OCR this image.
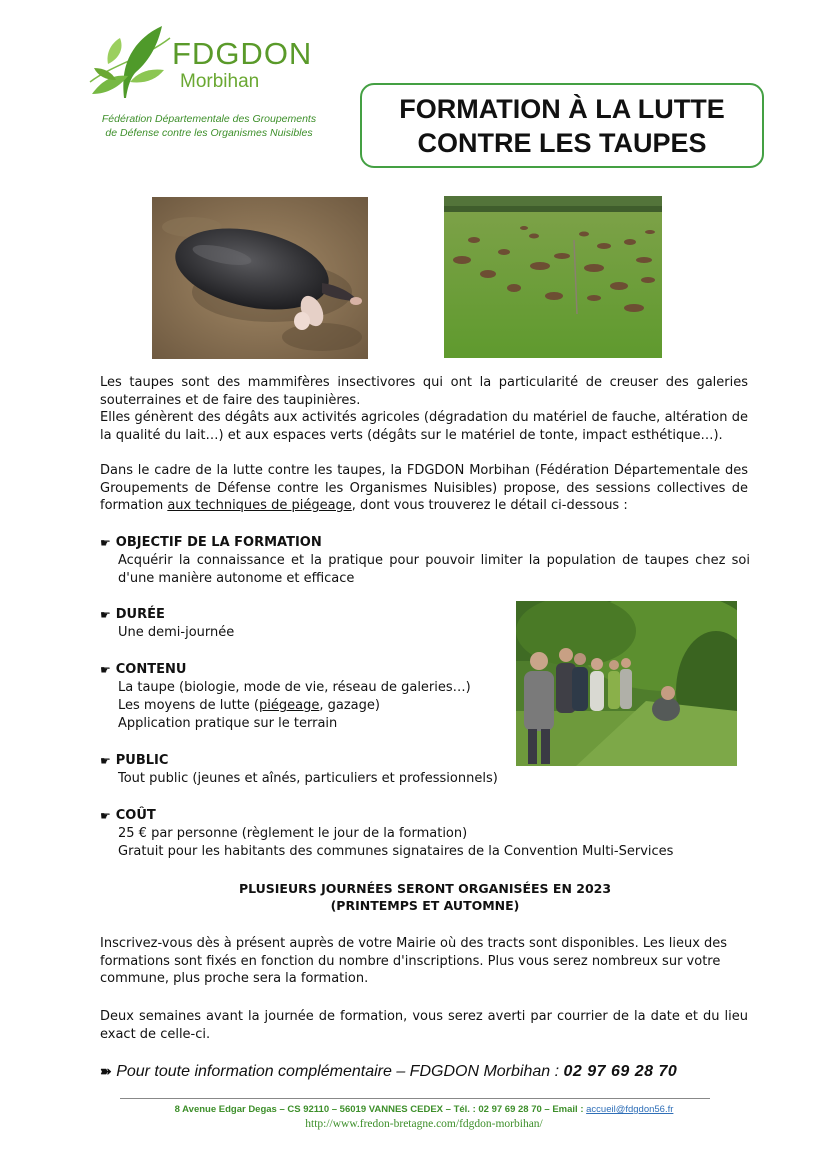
FDGDON
Morbihan
Fédération Départementale des Groupements
de Défense contre les Organismes Nuisibles
FORMATION À LA LUTTE CONTRE LES TAUPES

Les taupes sont des mammifères insectivores qui ont la particularité de creuser des galeries souterraines et de faire des taupinières.
Elles génèrent des dégâts aux activités agricoles (dégradation du matériel de fauche, altération de la qualité du lait…) et aux espaces verts (dégâts sur le matériel de tonte, impact esthétique…).

Dans le cadre de la lutte contre les taupes, la FDGDON Morbihan (Fédération Départementale des Groupements de Défense contre les Organismes Nuisibles) propose, des sessions collectives de formation aux techniques de piégeage, dont vous trouverez le détail ci-dessous :

☛ OBJECTIF DE LA FORMATION
Acquérir la connaissance et la pratique pour pouvoir limiter la population de taupes chez soi d'une manière autonome et efficace
☛ DURÉE
Une demi-journée
☛ CONTENU
La taupe (biologie, mode de vie, réseau de galeries…)
Les moyens de lutte (piégeage, gazage)
Application pratique sur le terrain
☛ PUBLIC
Tout public (jeunes et aînés, particuliers et professionnels)
☛ COÛT
25 € par personne (règlement le jour de la formation)
Gratuit pour les habitants des communes signataires de la Convention Multi-Services
PLUSIEURS JOURNÉES SERONT ORGANISÉES EN 2023
(PRINTEMPS ET AUTOMNE)
Inscrivez-vous dès à présent auprès de votre Mairie où des tracts sont disponibles. Les lieux des formations sont fixés en fonction du nombre d'inscriptions. Plus vous serez nombreux sur votre commune, plus proche sera la formation.
Deux semaines avant la journée de formation, vous serez averti par courrier de la date et du lieu exact de celle-ci.
➽ Pour toute information complémentaire – FDGDON Morbihan : 02 97 69 28 70
8 Avenue Edgar Degas – CS 92110 – 56019 VANNES CEDEX – Tél. : 02 97 69 28 70 – Email : accueil@fdgdon56.fr
http://www.fredon-bretagne.com/fdgdon-morbihan/
